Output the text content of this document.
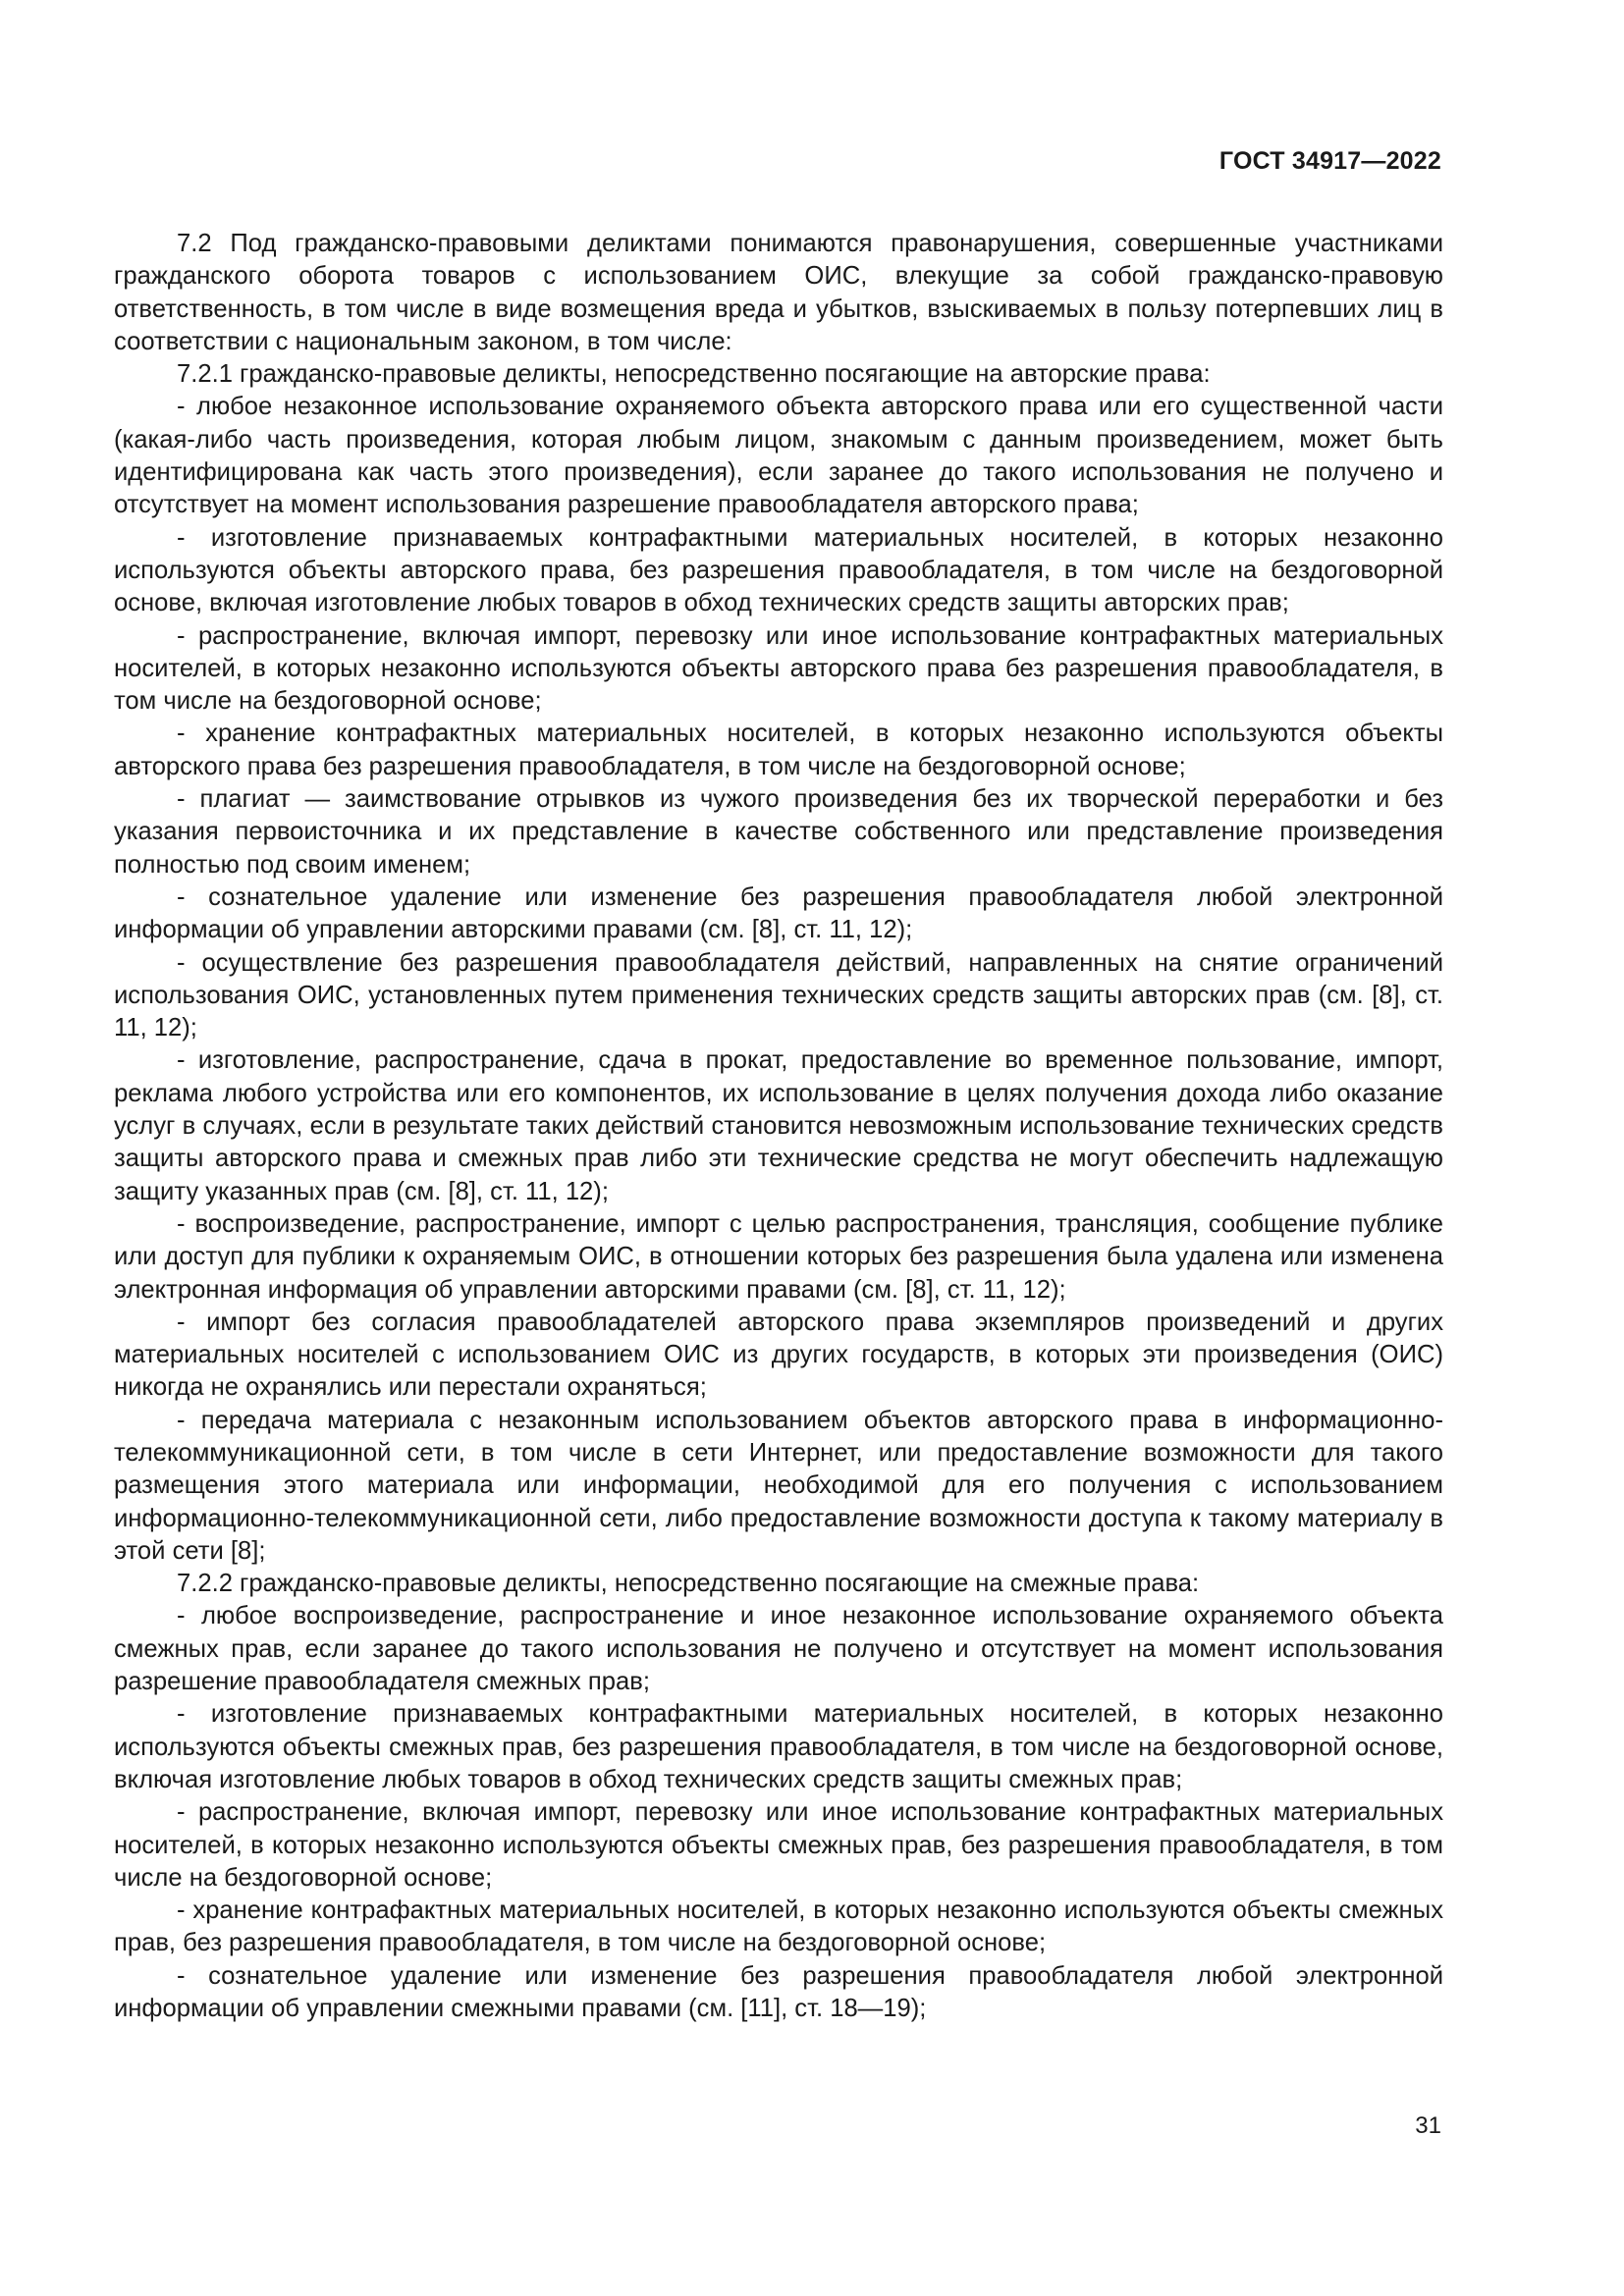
ГОСТ 34917—2022

7.2 Под гражданско-правовыми деликтами понимаются правонарушения, совершенные участниками гражданского оборота товаров с использованием ОИС, влекущие за собой гражданско-правовую ответственность, в том числе в виде возмещения вреда и убытков, взыскиваемых в пользу потерпевших лиц в соответствии с национальным законом, в том числе:

7.2.1 гражданско-правовые деликты, непосредственно посягающие на авторские права:

- любое незаконное использование охраняемого объекта авторского права или его существенной части (какая-либо часть произведения, которая любым лицом, знакомым с данным произведением, может быть идентифицирована как часть этого произведения), если заранее до такого использования не получено и отсутствует на момент использования разрешение правообладателя авторского права;

- изготовление признаваемых контрафактными материальных носителей, в которых незаконно используются объекты авторского права, без разрешения правообладателя, в том числе на бездоговорной основе, включая изготовление любых товаров в обход технических средств защиты авторских прав;

- распространение, включая импорт, перевозку или иное использование контрафактных материальных носителей, в которых незаконно используются объекты авторского права без разрешения правообладателя, в том числе на бездоговорной основе;

- хранение контрафактных материальных носителей, в которых незаконно используются объекты авторского права без разрешения правообладателя, в том числе на бездоговорной основе;

- плагиат — заимствование отрывков из чужого произведения без их творческой переработки и без указания первоисточника и их представление в качестве собственного или представление произведения полностью под своим именем;

- сознательное удаление или изменение без разрешения правообладателя любой электронной информации об управлении авторскими правами (см. [8], ст. 11, 12);

- осуществление без разрешения правообладателя действий, направленных на снятие ограничений использования ОИС, установленных путем применения технических средств защиты авторских прав (см. [8], ст. 11, 12);

- изготовление, распространение, сдача в прокат, предоставление во временное пользование, импорт, реклама любого устройства или его компонентов, их использование в целях получения дохода либо оказание услуг в случаях, если в результате таких действий становится невозможным использование технических средств защиты авторского права и смежных прав либо эти технические средства не могут обеспечить надлежащую защиту указанных прав (см. [8], ст. 11, 12);

- воспроизведение, распространение, импорт с целью распространения, трансляция, сообщение публике или доступ для публики к охраняемым ОИС, в отношении которых без разрешения была удалена или изменена электронная информация об управлении авторскими правами (см. [8], ст. 11, 12);

- импорт без согласия правообладателей авторского права экземпляров произведений и других материальных носителей с использованием ОИС из других государств, в которых эти произведения (ОИС) никогда не охранялись или перестали охраняться;

- передача материала с незаконным использованием объектов авторского права в информационно-телекоммуникационной сети, в том числе в сети Интернет, или предоставление возможности для такого размещения этого материала или информации, необходимой для его получения с использованием информационно-телекоммуникационной сети, либо предоставление возможности доступа к такому материалу в этой сети [8];

7.2.2 гражданско-правовые деликты, непосредственно посягающие на смежные права:

- любое воспроизведение, распространение и иное незаконное использование охраняемого объекта смежных прав, если заранее до такого использования не получено и отсутствует на момент использования разрешение правообладателя смежных прав;

- изготовление признаваемых контрафактными материальных носителей, в которых незаконно используются объекты смежных прав, без разрешения правообладателя, в том числе на бездоговорной основе, включая изготовление любых товаров в обход технических средств защиты смежных прав;

- распространение, включая импорт, перевозку или иное использование контрафактных материальных носителей, в которых незаконно используются объекты смежных прав, без разрешения правообладателя, в том числе на бездоговорной основе;

- хранение контрафактных материальных носителей, в которых незаконно используются объекты смежных прав, без разрешения правообладателя, в том числе на бездоговорной основе;

- сознательное удаление или изменение без разрешения правообладателя любой электронной информации об управлении смежными правами (см. [11], ст. 18—19);

31
